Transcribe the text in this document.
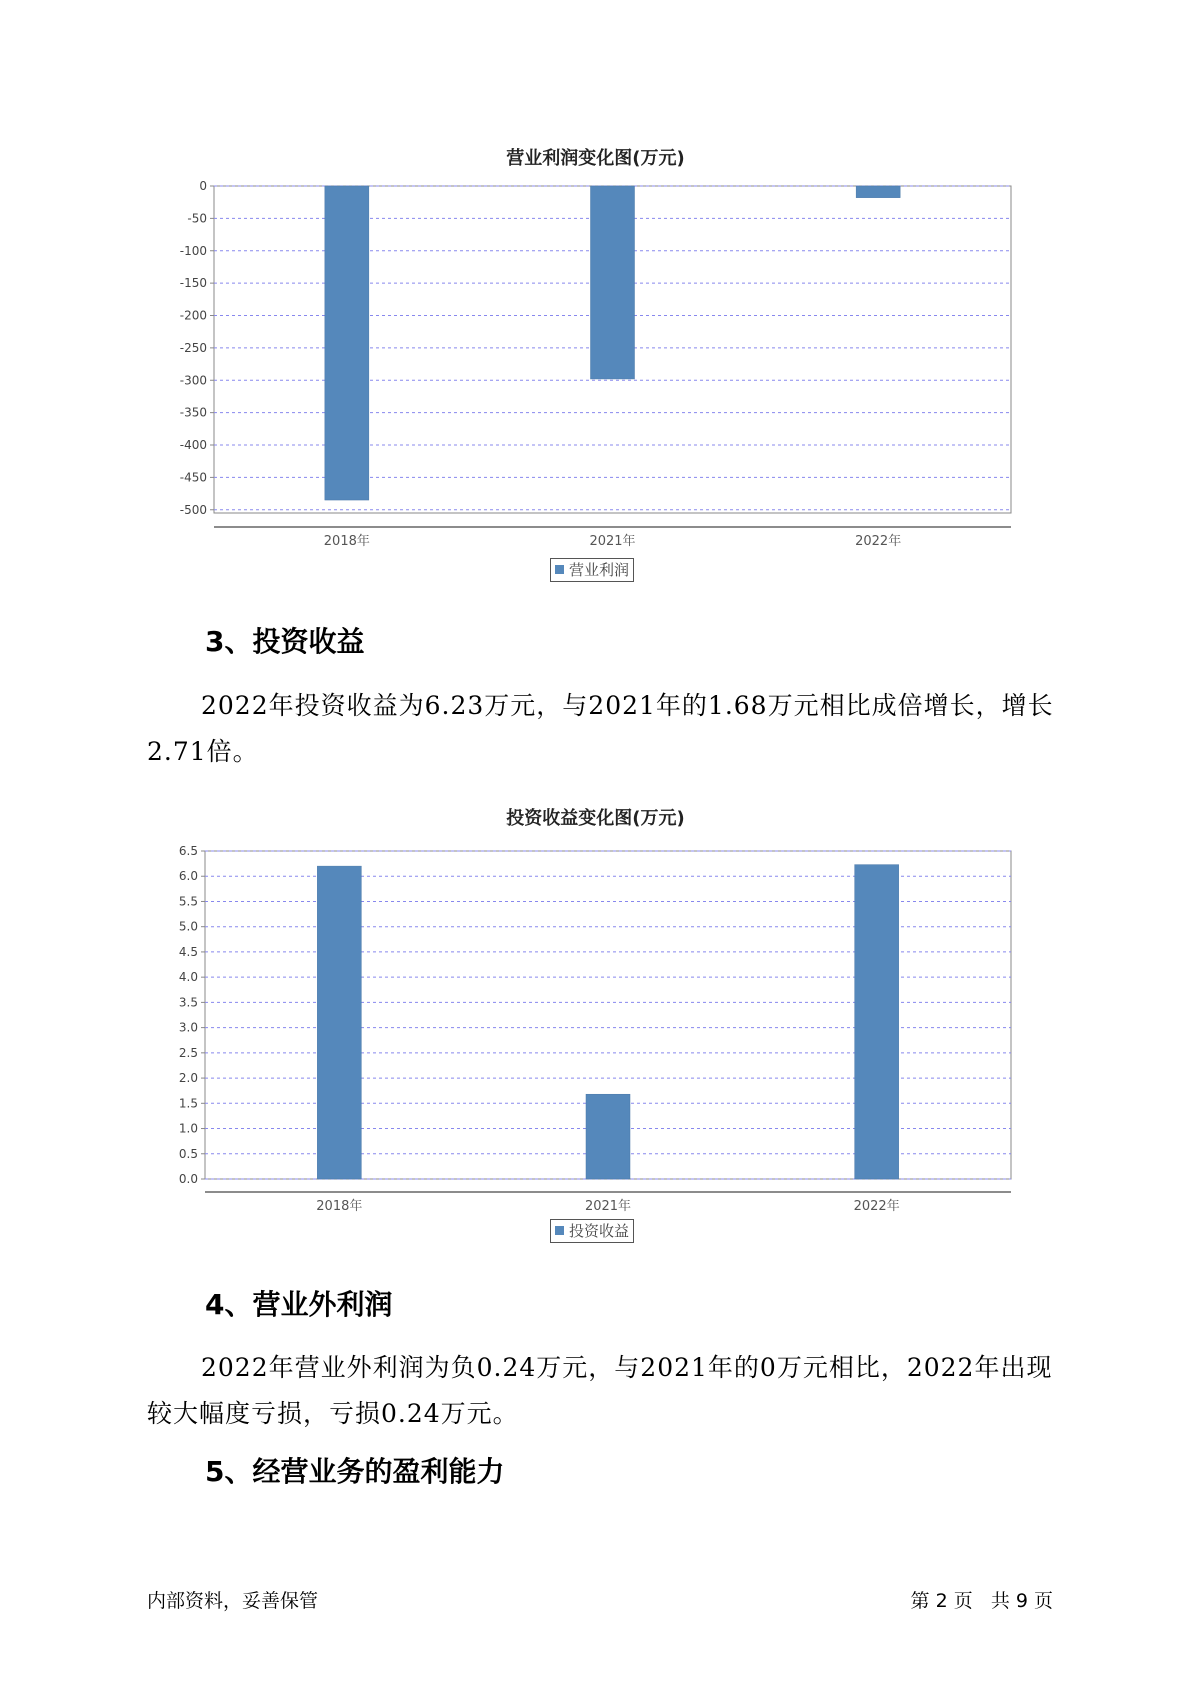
营业利润变化图(万元)
0
-50
-100
-150
-200
-250
-300
-350
-400
-450
-500
2018年	2021年	2022年
营业利润
3、投资收益

2022年投资收益为6.23万元，与2021年的1.68万元相比成倍增长，增长2.71倍。

投资收益变化图(万元)
0.0
0.5
1.0
1.5
2.0
2.5
3.0
3.5
4.0
4.5
5.0
5.5
6.0
6.5
2018年	2021年	2022年
投资收益
4、营业外利润

2022年营业外利润为负0.24万元，与2021年的0万元相比，2022年出现较大幅度亏损，亏损0.24万元。

5、经营业务的盈利能力
内部资料，妥善保管	第 2 页   共 9 页
